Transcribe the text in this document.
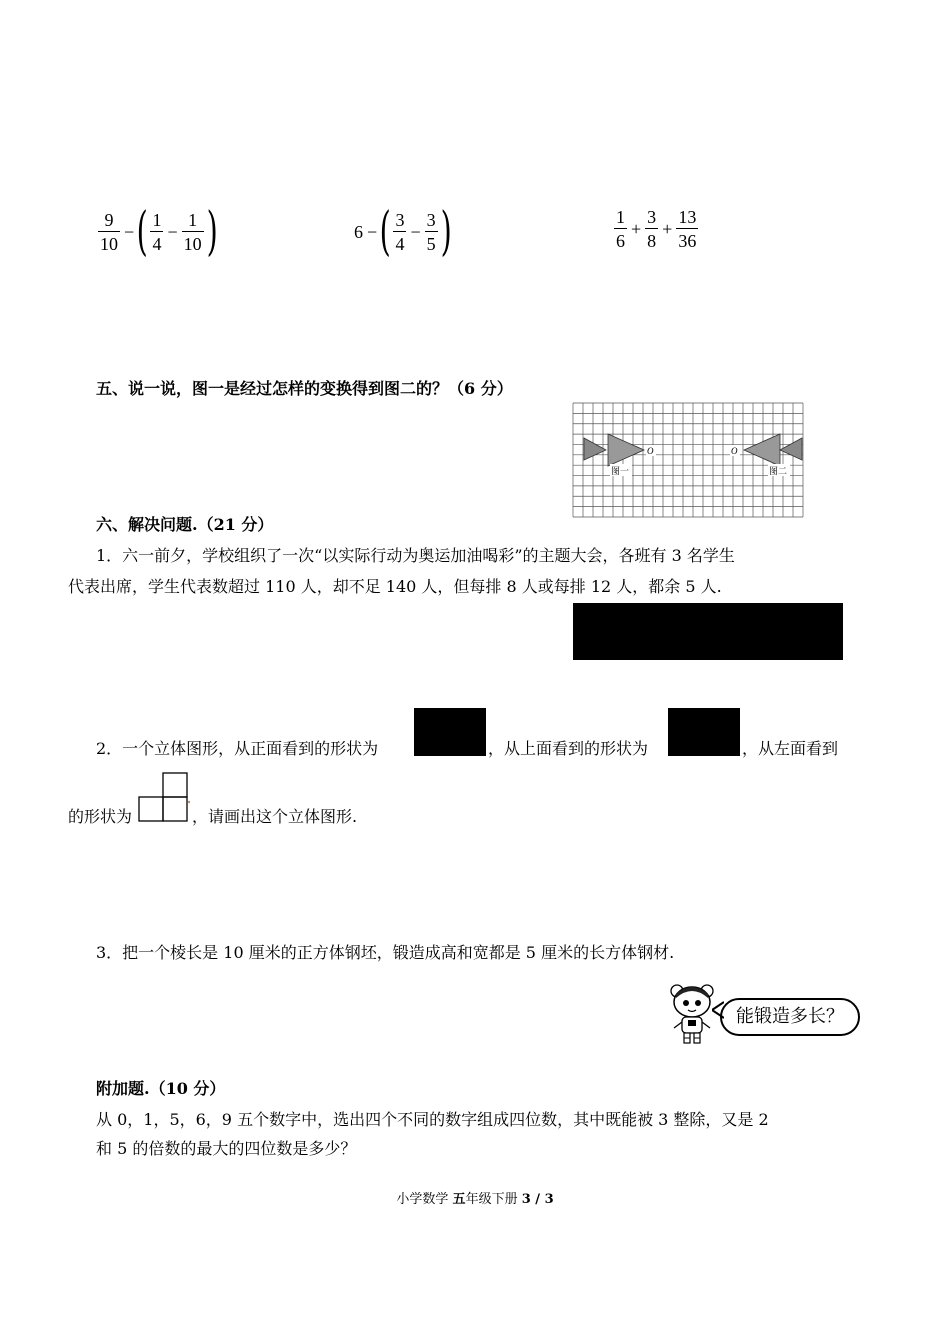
$\frac{9}{10}$ − ( $\frac{1}{4} - \frac{1}{10}$ )	6 − ( $\frac{3}{4} - \frac{3}{5}$ )	$\frac{1}{6} + \frac{3}{8} + \frac{13}{36}$
五、说一说，图一是经过怎样的变换得到图二的？（6 分）
O	O
图一	图二
六、解决问题.（21 分）
1．六一前夕，学校组织了一次“以实际行动为奥运加油喝彩”的主题大会，各班有 3 名学生
代表出席，学生代表数超过 110 人，却不足 140 人，但每排 8 人或每排 12 人，都余 5 人.
2．一个立体图形，从正面看到的形状为	，从上面看到的形状为	，从左面看到
的形状为	，请画出这个立体图形.
3．把一个棱长是 10 厘米的正方体钢坯，锻造成高和宽都是 5 厘米的长方体钢材.
能锻造多长？
附加题.（10 分）
从 0，1，5，6，9 五个数字中，选出四个不同的数字组成四位数，其中既能被 3 整除，又是 2
和 5 的倍数的最大的四位数是多少？
小学数学 五年级下册 3 / 3
